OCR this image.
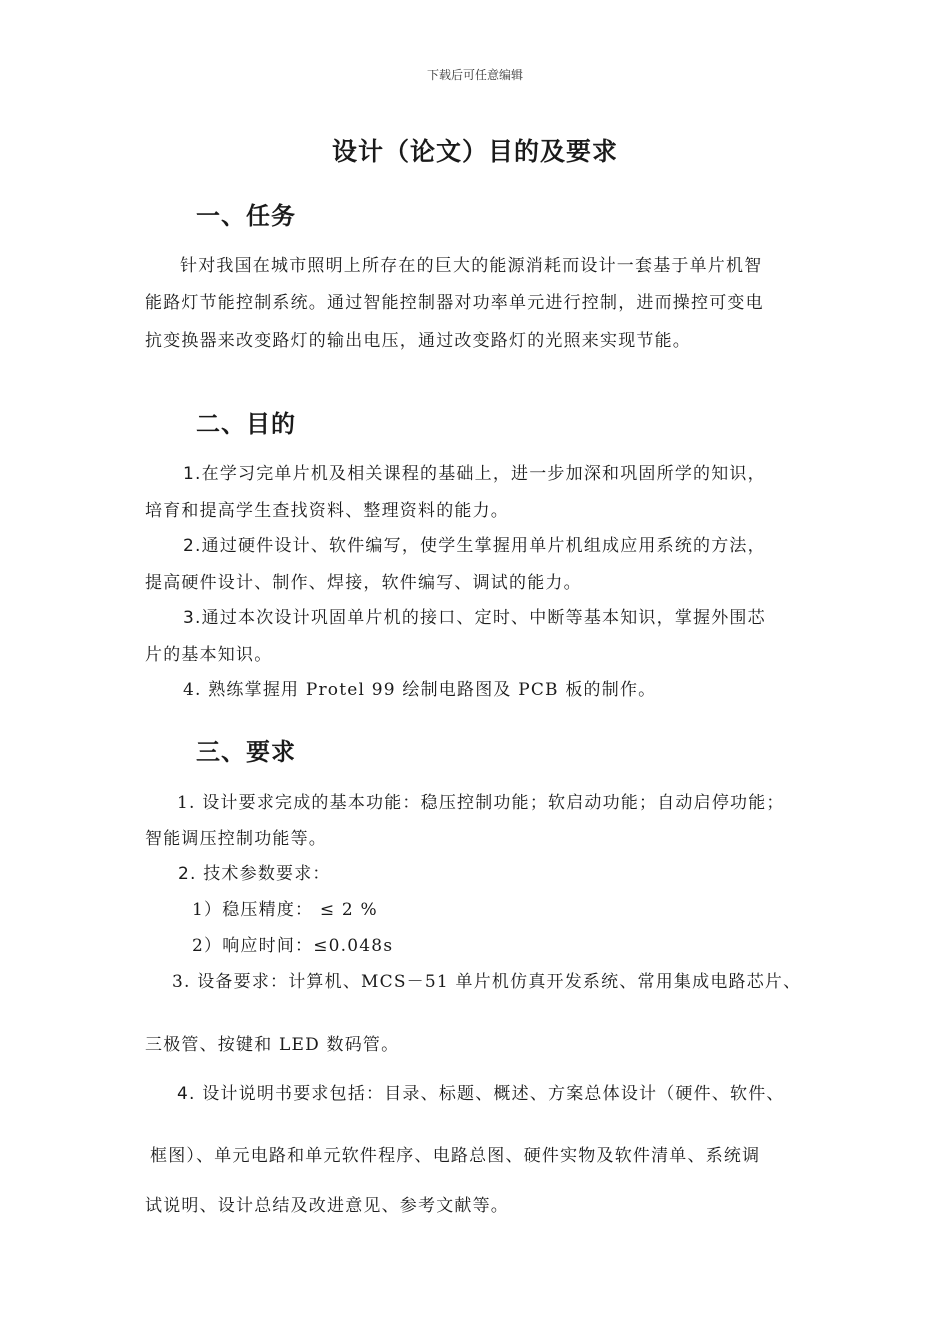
下载后可任意编辑
设计（论文）目的及要求
一、任务
针对我国在城市照明上所存在的巨大的能源消耗而设计一套基于单片机智
能路灯节能控制系统。通过智能控制器对功率单元进行控制，进而操控可变电
抗变换器来改变路灯的输出电压，通过改变路灯的光照来实现节能。
二、目的
1.在学习完单片机及相关课程的基础上，进一步加深和巩固所学的知识，
培育和提高学生查找资料、整理资料的能力。
2.通过硬件设计、软件编写，使学生掌握用单片机组成应用系统的方法，
提高硬件设计、制作、焊接，软件编写、调试的能力。
3.通过本次设计巩固单片机的接口、定时、中断等基本知识，掌握外围芯
片的基本知识。
4. 熟练掌握用 Protel 99 绘制电路图及 PCB 板的制作。
三、要求
1. 设计要求完成的基本功能：稳压控制功能；软启动功能；自动启停功能；
智能调压控制功能等。
2. 技术参数要求：
1）稳压精度： ≤ 2 %
2）响应时间：≤0.048s
3. 设备要求：计算机、MCS－51 单片机仿真开发系统、常用集成电路芯片、
三极管、按键和 LED 数码管。
4. 设计说明书要求包括：目录、标题、概述、方案总体设计（硬件、软件、
框图）、单元电路和单元软件程序、电路总图、硬件实物及软件清单、系统调
试说明、设计总结及改进意见、参考文献等。
